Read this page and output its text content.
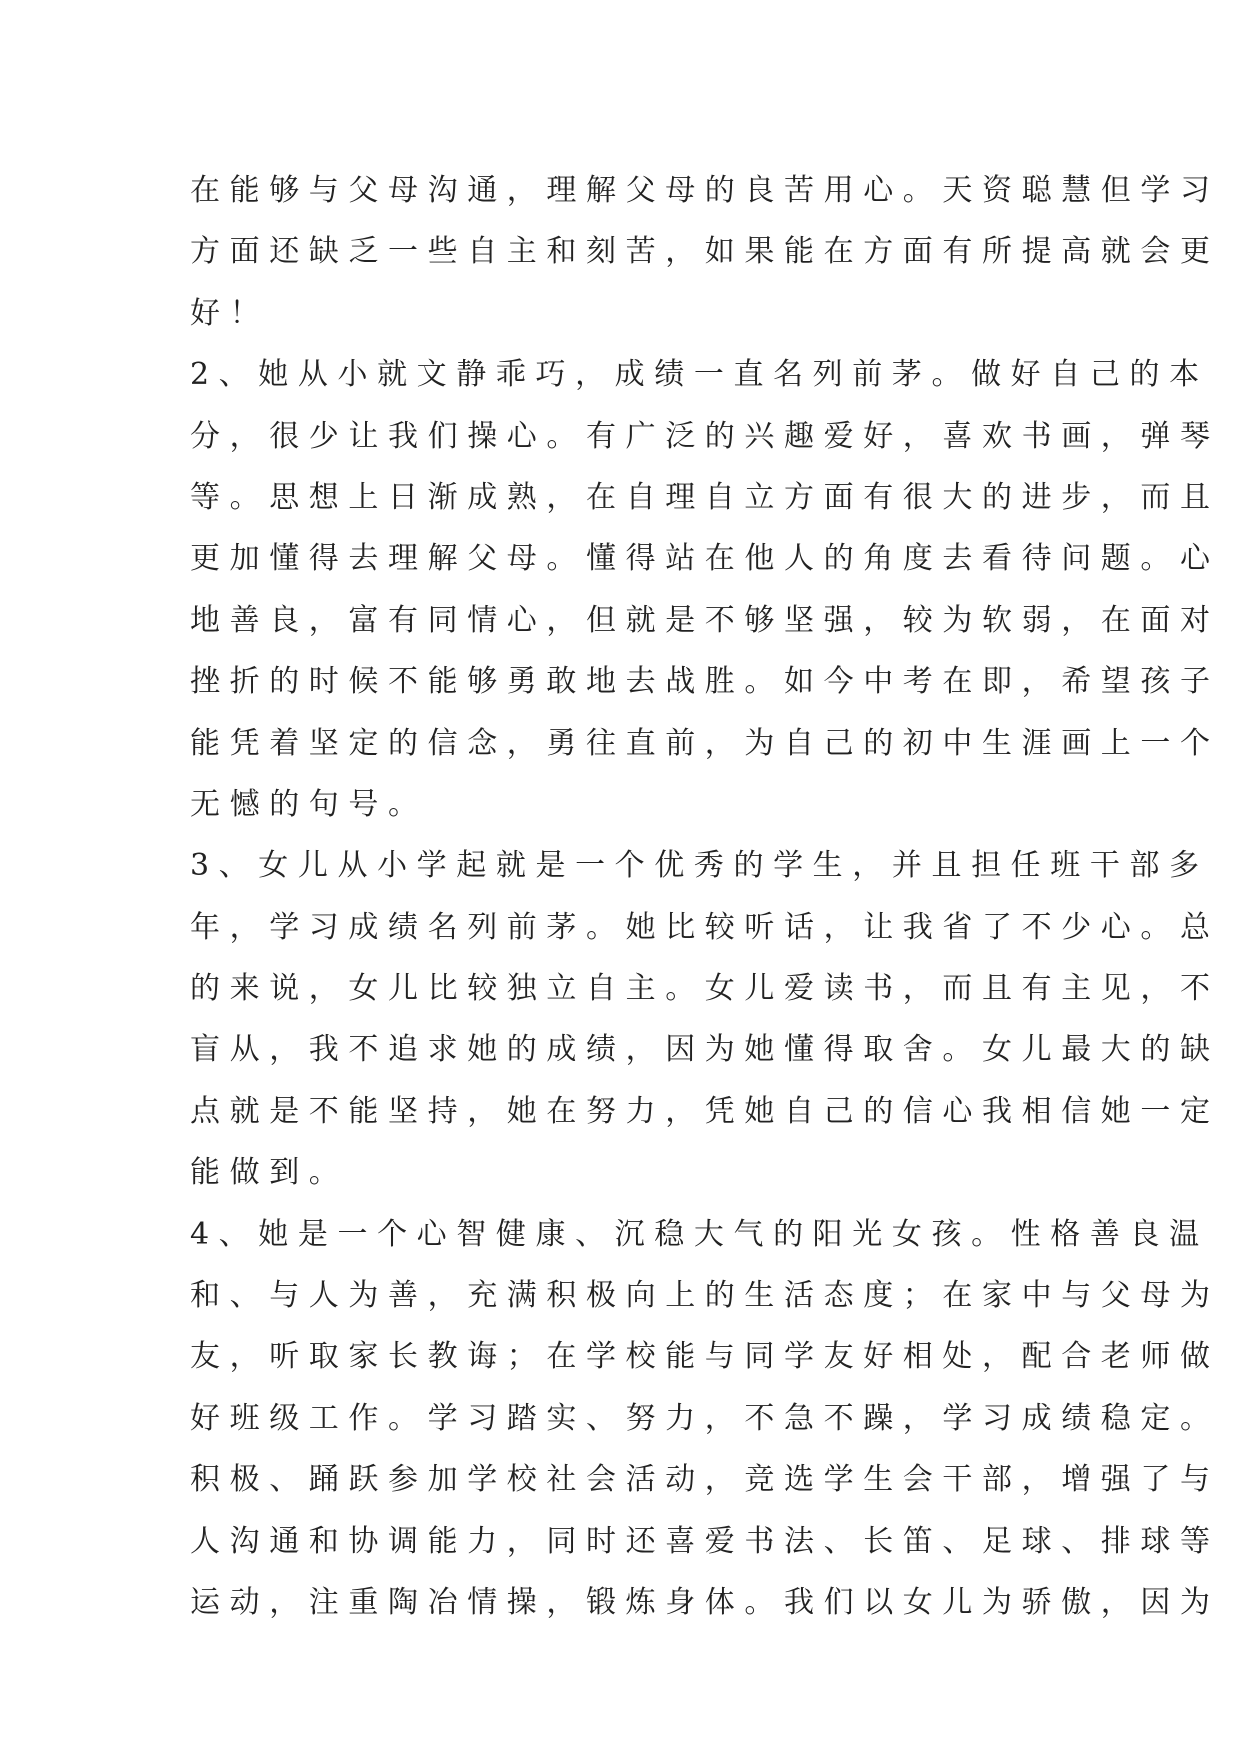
在能够与父母沟通，理解父母的良苦用心。天资聪慧但学习
方面还缺乏一些自主和刻苦，如果能在方面有所提高就会更
好！
2、她从小就文静乖巧，成绩一直名列前茅。做好自己的本
分，很少让我们操心。有广泛的兴趣爱好，喜欢书画，弹琴
等。思想上日渐成熟，在自理自立方面有很大的进步，而且
更加懂得去理解父母。懂得站在他人的角度去看待问题。心
地善良，富有同情心，但就是不够坚强，较为软弱，在面对
挫折的时候不能够勇敢地去战胜。如今中考在即，希望孩子
能凭着坚定的信念，勇往直前，为自己的初中生涯画上一个
无憾的句号。
3、女儿从小学起就是一个优秀的学生，并且担任班干部多
年，学习成绩名列前茅。她比较听话，让我省了不少心。总
的来说，女儿比较独立自主。女儿爱读书，而且有主见，不
盲从，我不追求她的成绩，因为她懂得取舍。女儿最大的缺
点就是不能坚持，她在努力，凭她自己的信心我相信她一定
能做到。
4、她是一个心智健康、沉稳大气的阳光女孩。性格善良温
和、与人为善，充满积极向上的生活态度；在家中与父母为
友，听取家长教诲；在学校能与同学友好相处，配合老师做
好班级工作。学习踏实、努力，不急不躁，学习成绩稳定。
积极、踊跃参加学校社会活动，竞选学生会干部，增强了与
人沟通和协调能力，同时还喜爱书法、长笛、足球、排球等
运动，注重陶冶情操，锻炼身体。我们以女儿为骄傲，因为
